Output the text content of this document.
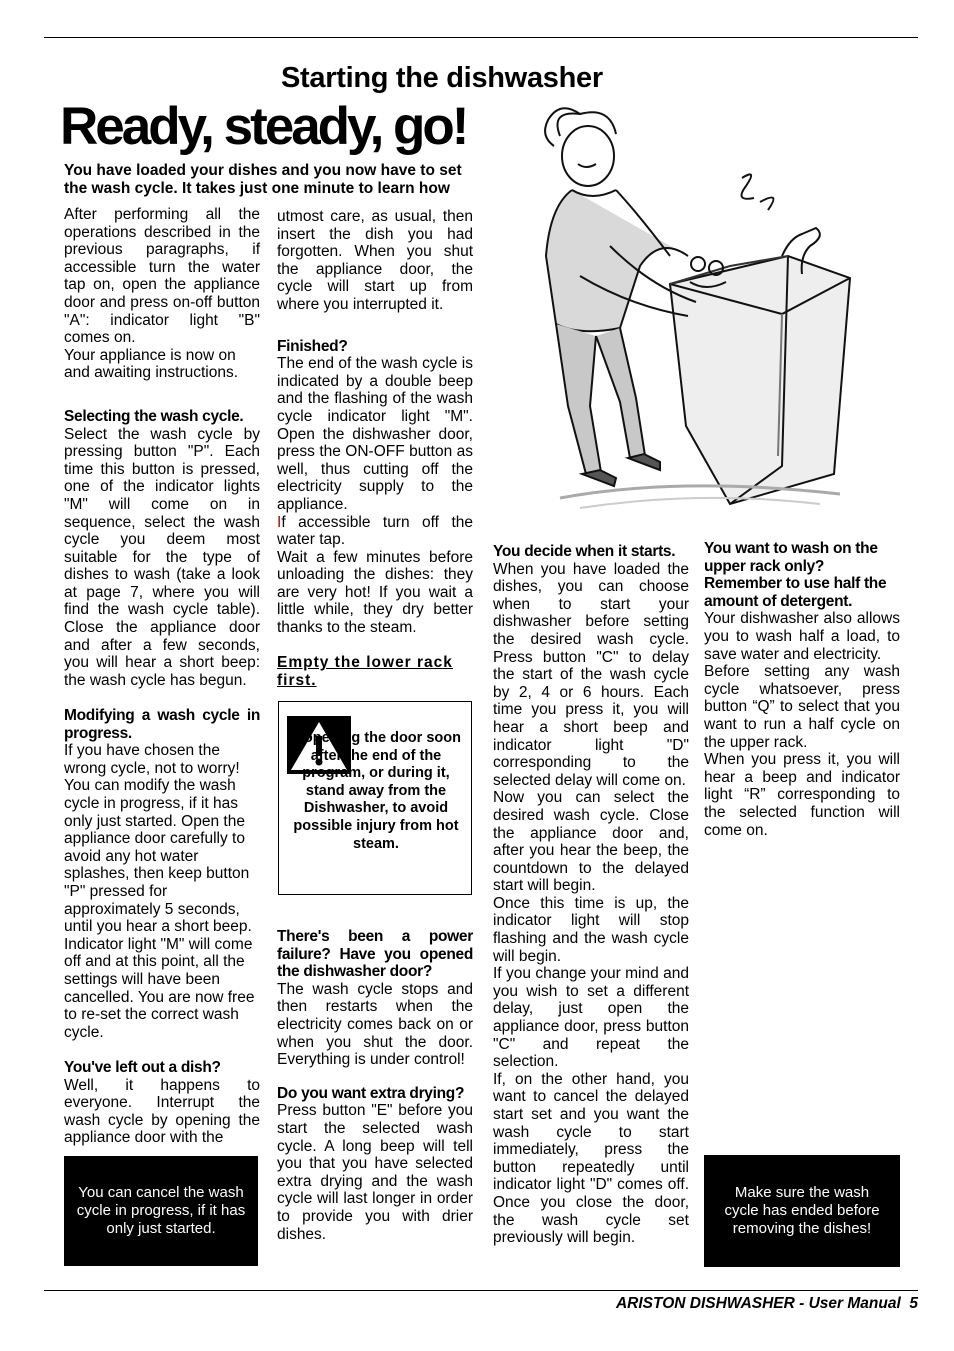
Starting the dishwasher
Ready, steady, go!
You have loaded your dishes and you now have to set the wash cycle. It takes just one minute to learn how

After performing all the operations described in the previous paragraphs, if accessible turn the water tap on, open the appliance door and press on-off button "A": indicator light "B" comes on.

Your appliance is now on and awaiting instructions.

Selecting the wash cycle.

Select the wash cycle by pressing button "P". Each time this button is pressed, one of the indicator lights "M" will come on in sequence, select the wash cycle you deem most suitable for the type of dishes to wash (take a look at page 7, where you will find the wash cycle table). Close the appliance door and after a few seconds, you will hear a short beep: the wash cycle has begun.

Modifying a wash cycle in progress.

If you have chosen the wrong cycle, not to worry! You can modify the wash cycle in progress, if it has only just started. Open the appliance door carefully to avoid any hot water splashes, then keep button "P" pressed for approximately 5 seconds, until you hear a short beep. Indicator light "M" will come off and at this point, all the settings will have been cancelled. You are now free to re-set the correct wash cycle.

You've left out a dish?

Well, it happens to everyone. Interrupt the wash cycle by opening the appliance door with the

You can cancel the wash cycle in progress, if it has only just started.

utmost care, as usual, then insert the dish you had forgotten. When you shut the appliance door, the cycle will start up from where you interrupted it.

Finished?

The end of the wash cycle is indicated by a double beep and the flashing of the wash cycle indicator light "M". Open the dishwasher door, press the ON-OFF button as well, thus cutting off the electricity supply to the appliance.

If accessible turn off the water tap.

Wait a few minutes before unloading the dishes: they are very hot! If you wait a little while, they dry better thanks to the steam.

Empty the lower rack first.

If opening the door soon after the end of the program, or during it, stand away from the Dishwasher, to avoid possible injury from hot steam.

There's been a power failure? Have you opened the dishwasher door?

The wash cycle stops and then restarts when the electricity comes back on or when you shut the door. Everything is under control!

Do you want extra drying?

Press button "E" before you start the selected wash cycle. A long beep will tell you that you have selected extra drying and the wash cycle will last longer in order to provide you with drier dishes.

You decide when it starts.

When you have loaded the dishes, you can choose when to start your dishwasher before setting the desired wash cycle. Press button "C" to delay the start of the wash cycle by 2, 4 or 6 hours. Each time you press it, you will hear a short beep and indicator light "D" corresponding to the selected delay will come on.

Now you can select the desired wash cycle. Close the appliance door and, after you hear the beep, the countdown to the delayed start will begin.

Once this time is up, the indicator light will stop flashing and the wash cycle will begin.

If you change your mind and you wish to set a different delay, just open the appliance door, press button "C" and repeat the selection.

If, on the other hand, you want to cancel the delayed start set and you want the wash cycle to start immediately, press the button repeatedly until indicator light "D" comes off. Once you close the door, the wash cycle set previously will begin.

You want to wash on the upper rack only? Remember to use half the amount of detergent.

Your dishwasher also allows you to wash half a load, to save water and electricity.

Before setting any wash cycle whatsoever, press button “Q” to select that you want to run a half cycle on the upper rack.

When you press it, you will hear a beep and indicator light “R” corresponding to the selected function will come on.

Make sure the wash cycle has ended before removing the dishes!
ARISTON DISHWASHER - User Manual  5
